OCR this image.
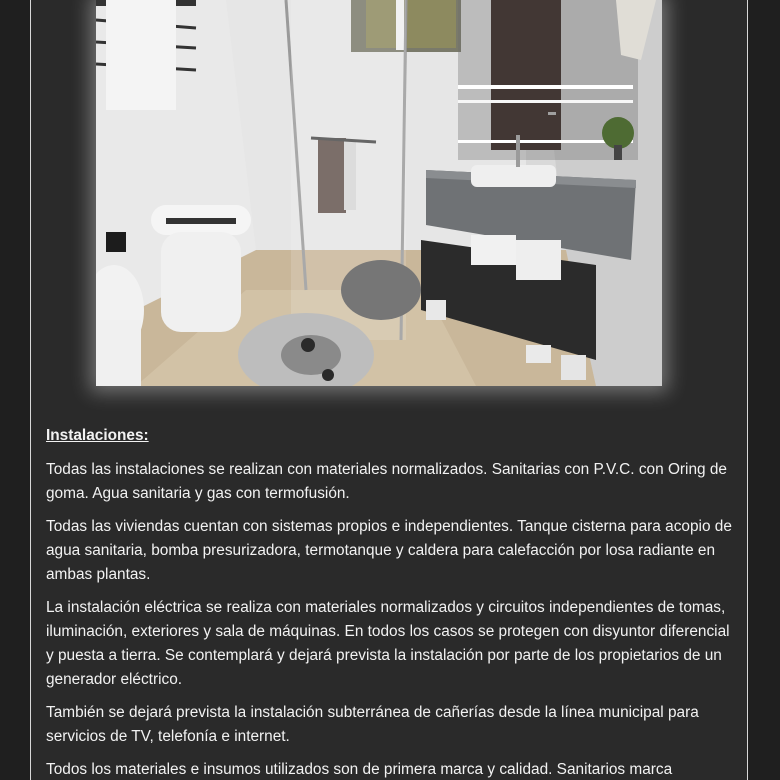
Instalaciones:

Todas las instalaciones se realizan con materiales normalizados. Sanitarias con P.V.C. con Oring de goma. Agua sanitaria y gas con termofusión.

Todas las viviendas cuentan con sistemas propios e independientes. Tanque cisterna para acopio de agua sanitaria, bomba presurizadora, termotanque y caldera para calefacción por losa radiante en ambas plantas.

La instalación eléctrica se realiza con materiales normalizados y circuitos independientes de tomas, iluminación, exteriores y sala de máquinas. En todos los casos se protegen con disyuntor diferencial y puesta a tierra. Se contemplará y dejará prevista la instalación por parte de los propietarios de un generador eléctrico.

También se dejará prevista la instalación subterránea de cañerías desde la línea municipal para servicios de TV, telefonía e internet.

Todos los materiales e insumos utilizados son de primera marca y calidad. Sanitarios marca
